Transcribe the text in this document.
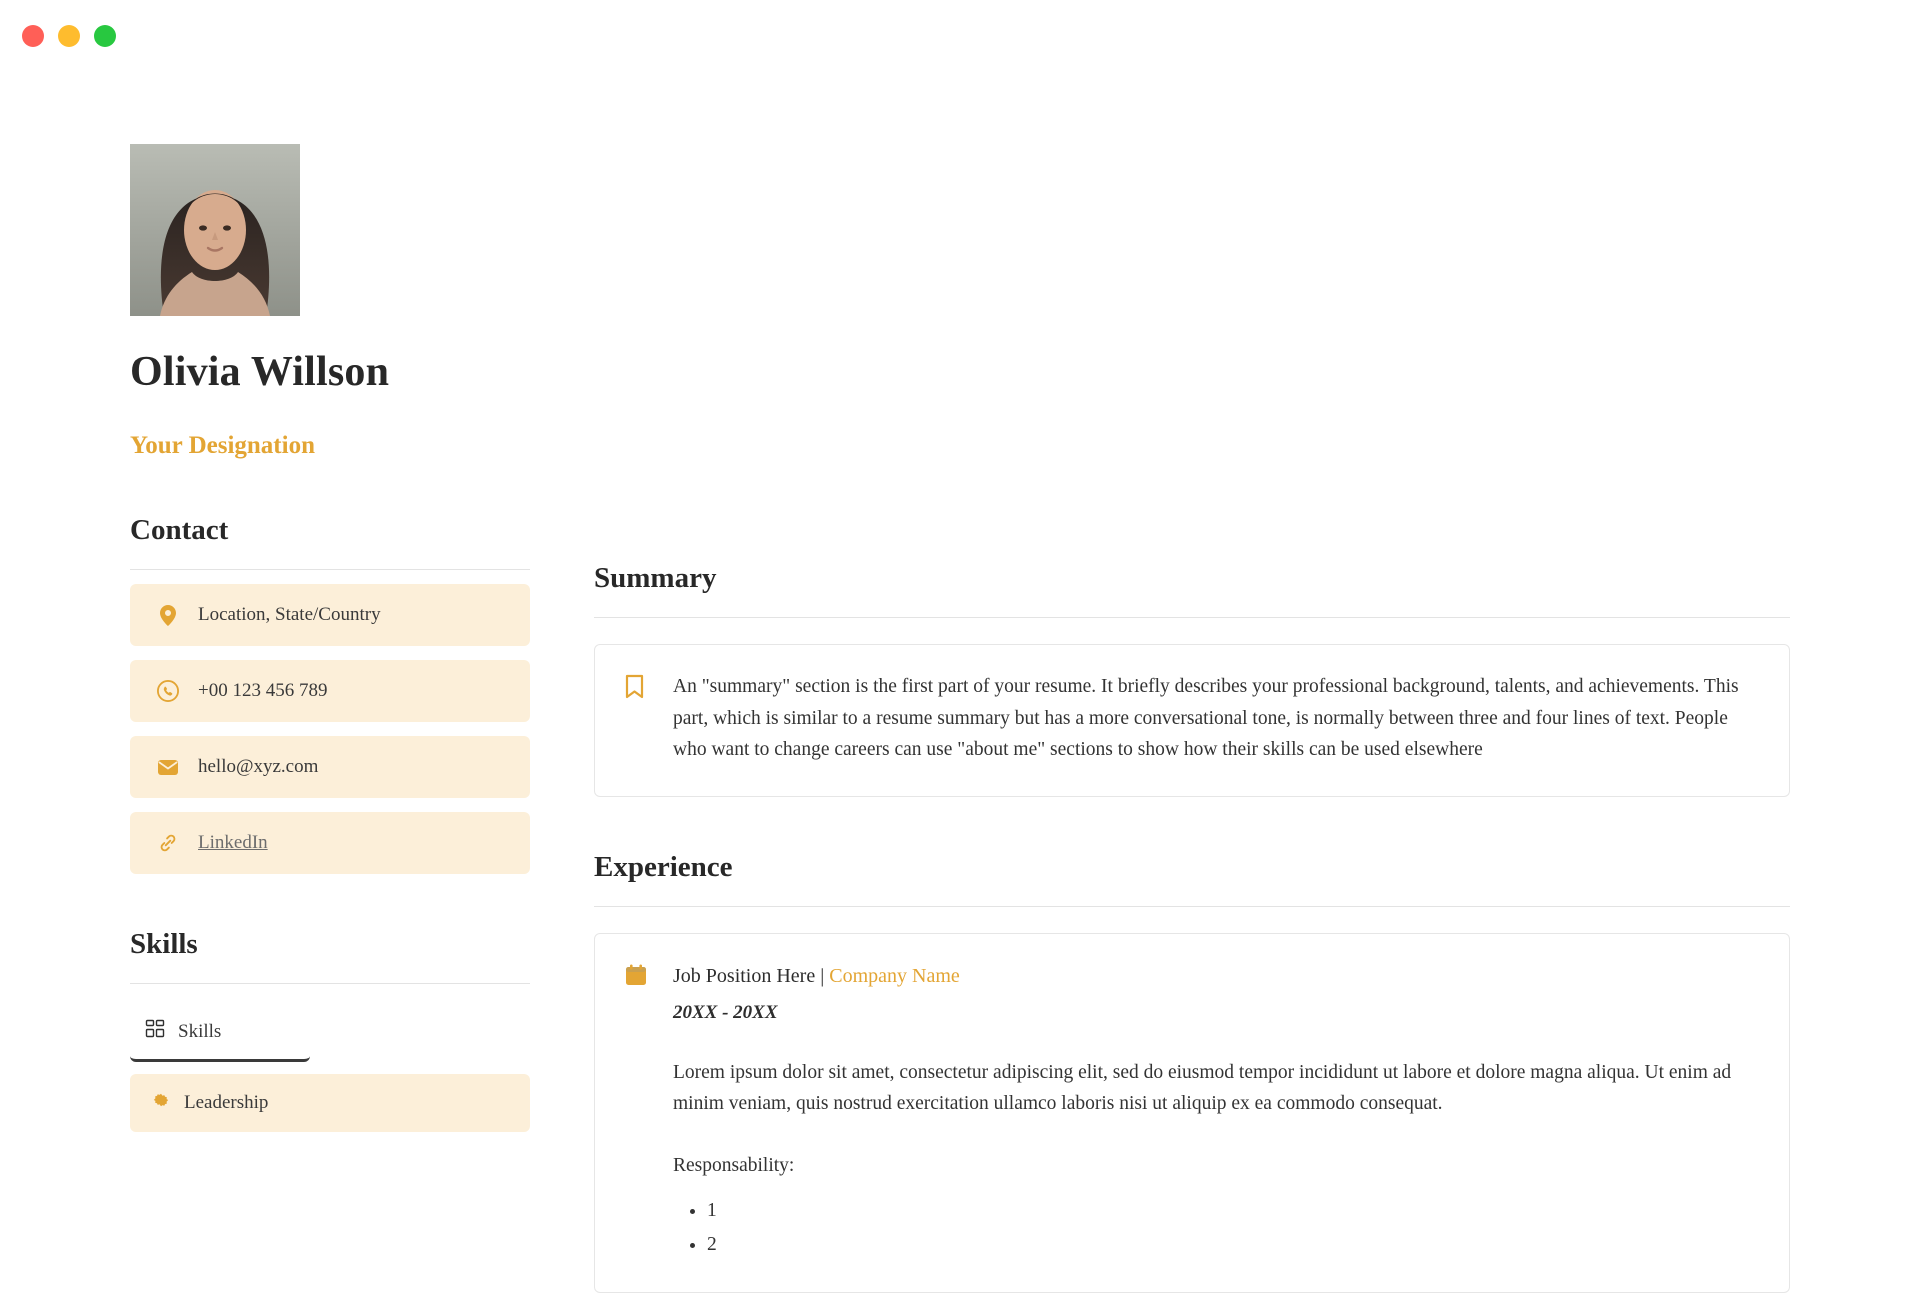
Olivia Willson
Your Designation
Contact
Location, State/Country
+00 123 456 789
hello@xyz.com
LinkedIn
Skills
Skills
Leadership
Summary
An "summary" section is the first part of your resume. It briefly describes your professional background, talents, and achievements. This part, which is similar to a resume summary but has a more conversational tone, is normally between three and four lines of text. People who want to change careers can use "about me" sections to show how their skills can be used elsewhere
Experience
Job Position Here | Company Name
20XX - 20XX
Lorem ipsum dolor sit amet, consectetur adipiscing elit, sed do eiusmod tempor incididunt ut labore et dolore magna aliqua. Ut enim ad minim veniam, quis nostrud exercitation ullamco laboris nisi ut aliquip ex ea commodo consequat.
Responsability:
• 1
• 2
